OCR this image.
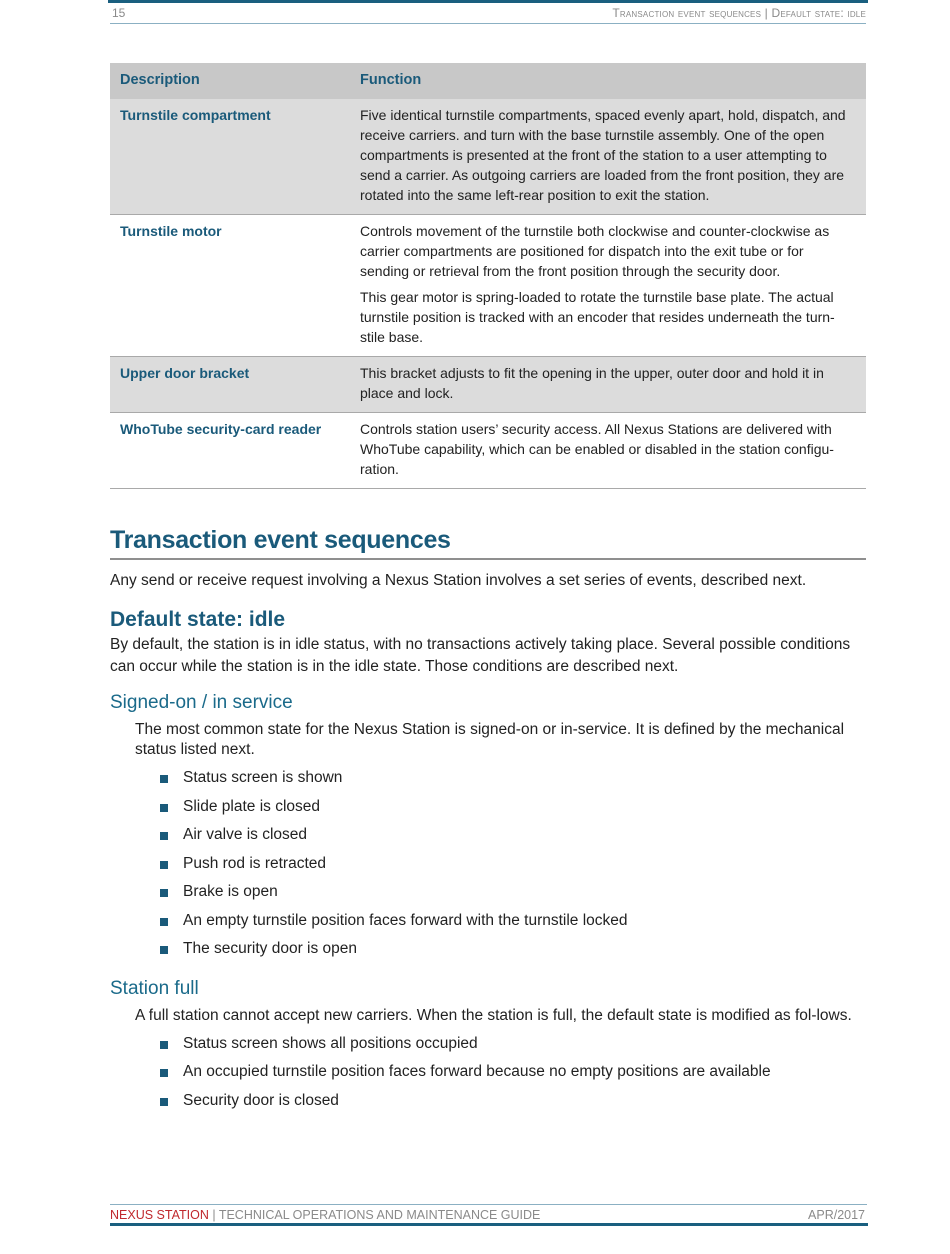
15	Transaction event sequences | Default state: idle
Description	Function
Turnstile compartment	Five identical turnstile compartments, spaced evenly apart, hold, dispatch, and receive carriers. and turn with the base turnstile assembly. One of the open compartments is presented at the front of the station to a user attempting to send a carrier. As outgoing carriers are loaded from the front position, they are rotated into the same left-rear position to exit the station.

Turnstile motor	Controls movement of the turnstile both clockwise and counter-clockwise as carrier compartments are positioned for dispatch into the exit tube or for sending or retrieval from the front position through the security door.

This gear motor is spring-loaded to rotate the turnstile base plate. The actual turnstile position is tracked with an encoder that resides underneath the turn-stile base.

Upper door bracket	This bracket adjusts to fit the opening in the upper, outer door and hold it in place and lock.

WhoTube security-card reader	Controls station users’ security access. All Nexus Stations are delivered with WhoTube capability, which can be enabled or disabled in the station configu-ration.

Transaction event sequences

Any send or receive request involving a Nexus Station involves a set series of events, described next.

Default state: idle

By default, the station is in idle status, with no transactions actively taking place. Several possible conditions can occur while the station is in the idle state. Those conditions are described next.

Signed-on / in service

The most common state for the Nexus Station is signed-on or in-service. It is defined by the mechanical status listed next.

Status screen is shown
Slide plate is closed
Air valve is closed
Push rod is retracted
Brake is open
An empty turnstile position faces forward with the turnstile locked
The security door is open
Station full

A full station cannot accept new carriers. When the station is full, the default state is modified as fol-lows.

Status screen shows all positions occupied
An occupied turnstile position faces forward because no empty positions are available
Security door is closed
NEXUS STATION | TECHNICAL OPERATIONS AND MAINTENANCE GUIDE	APR/2017
